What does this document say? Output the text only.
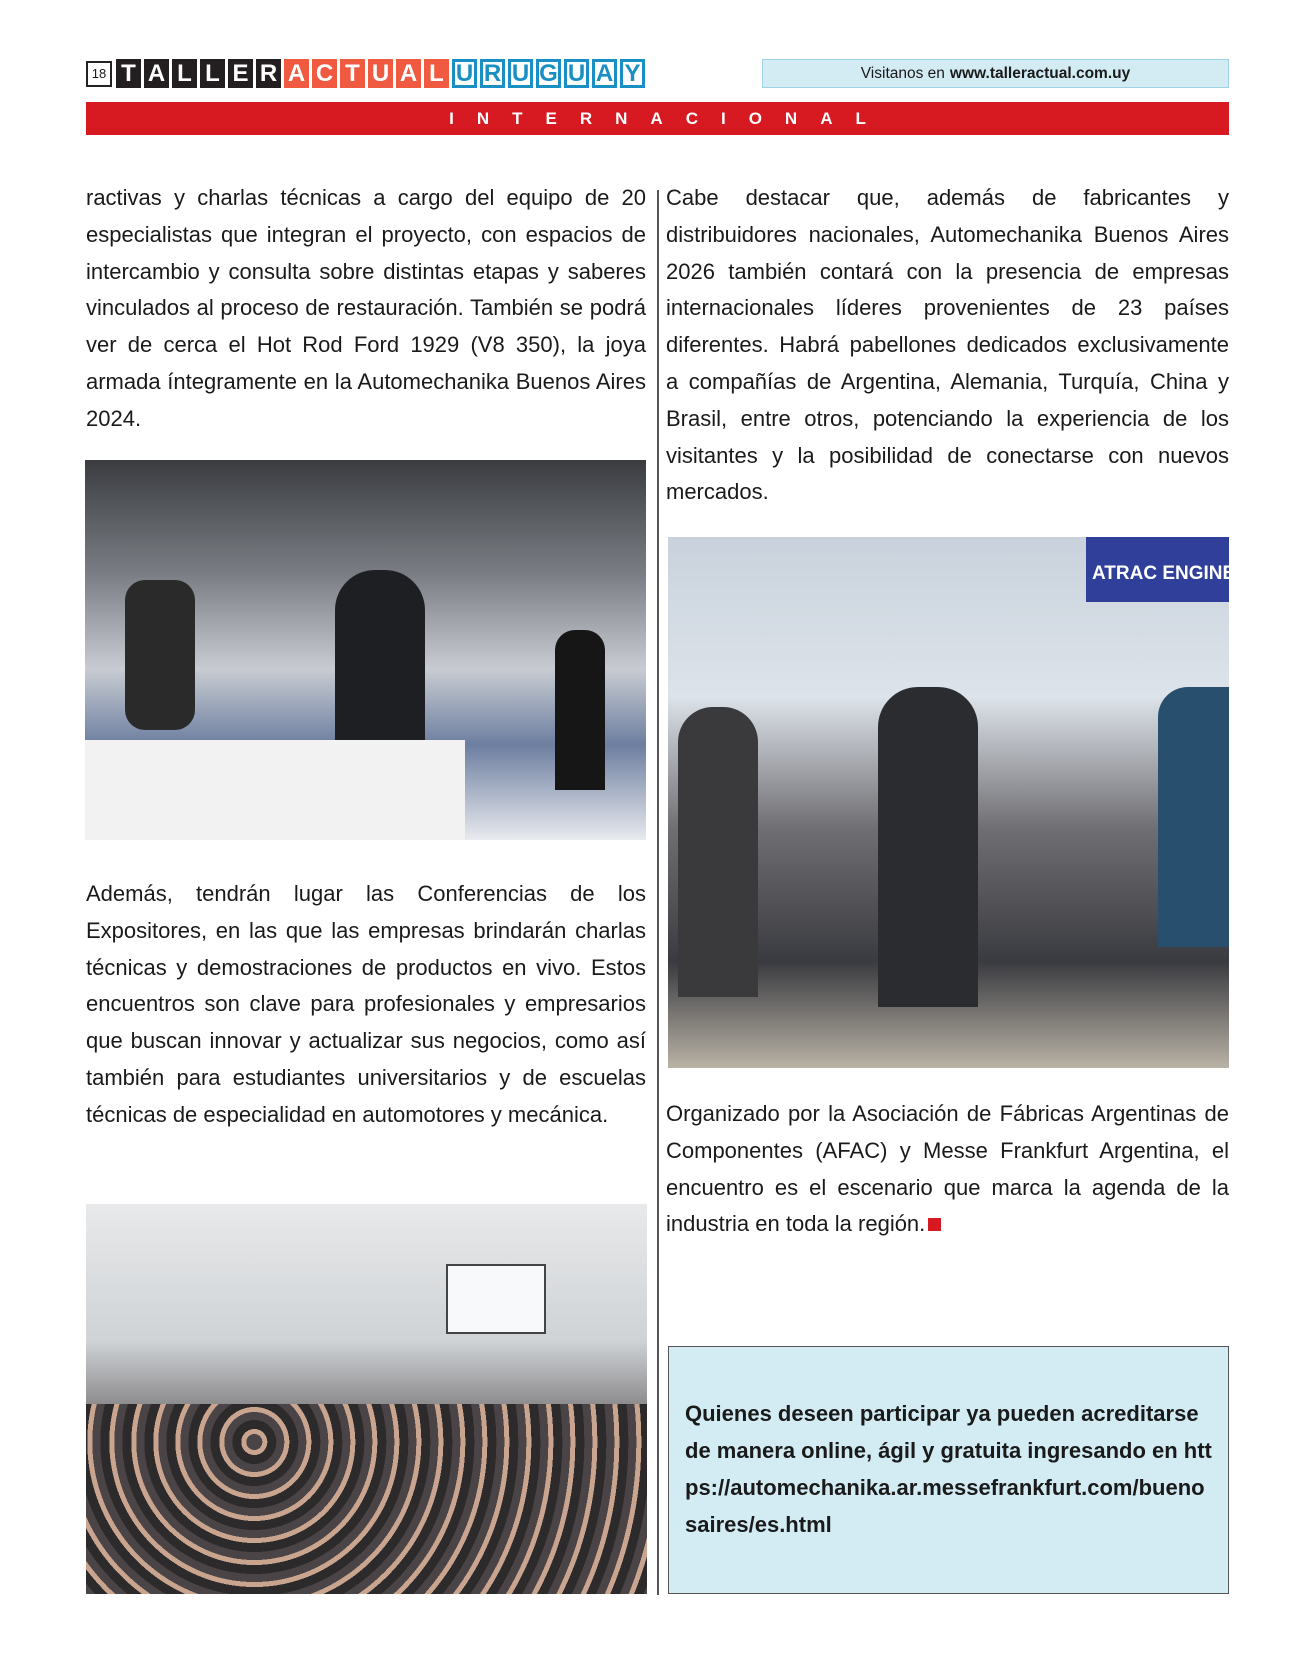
18 T A L L E R A C T U A L U R U G U A Y	Visitanos en www.talleractual.com.uy
INTERNACIONAL
ractivas y charlas técnicas a cargo del equipo de 20 especialistas que integran el proyecto, con espacios de intercambio y consulta sobre distintas etapas y saberes vinculados al proceso de restauración. También se podrá ver de cerca el Hot Rod Ford 1929 (V8 350), la joya armada íntegramente en la Automechanika Buenos Aires 2024.
Además, tendrán lugar las Conferencias de los Expositores, en las que las empresas brindarán charlas técnicas y demostraciones de productos en vivo. Estos encuentros son clave para profesionales y empresarios que buscan innovar y actualizar sus negocios, como así también para estudiantes universitarios y de escuelas técnicas de especialidad en automotores y mecánica.
Cabe destacar que, además de fabricantes y distribuidores nacionales, Automechanika Buenos Aires 2026 también contará con la presencia de empresas internacionales líderes provenientes de 23 países diferentes. Habrá pabellones dedicados exclusivamente a compañías de Argentina, Alemania, Turquía, China y Brasil, entre otros, potenciando la experiencia de los visitantes y la posibilidad de conectarse con nuevos mercados.
ATRAC ENGINEERI
Organizado por la Asociación de Fábricas Argentinas de Componentes (AFAC) y Messe Frankfurt Argentina, el encuentro es el escenario que marca la agenda de la industria en toda la región.
Quienes deseen participar ya pueden acreditarse de manera online, ágil y gratuita ingresando en https://automechanika.ar.messefrankfurt.com/buenosaires/es.html
